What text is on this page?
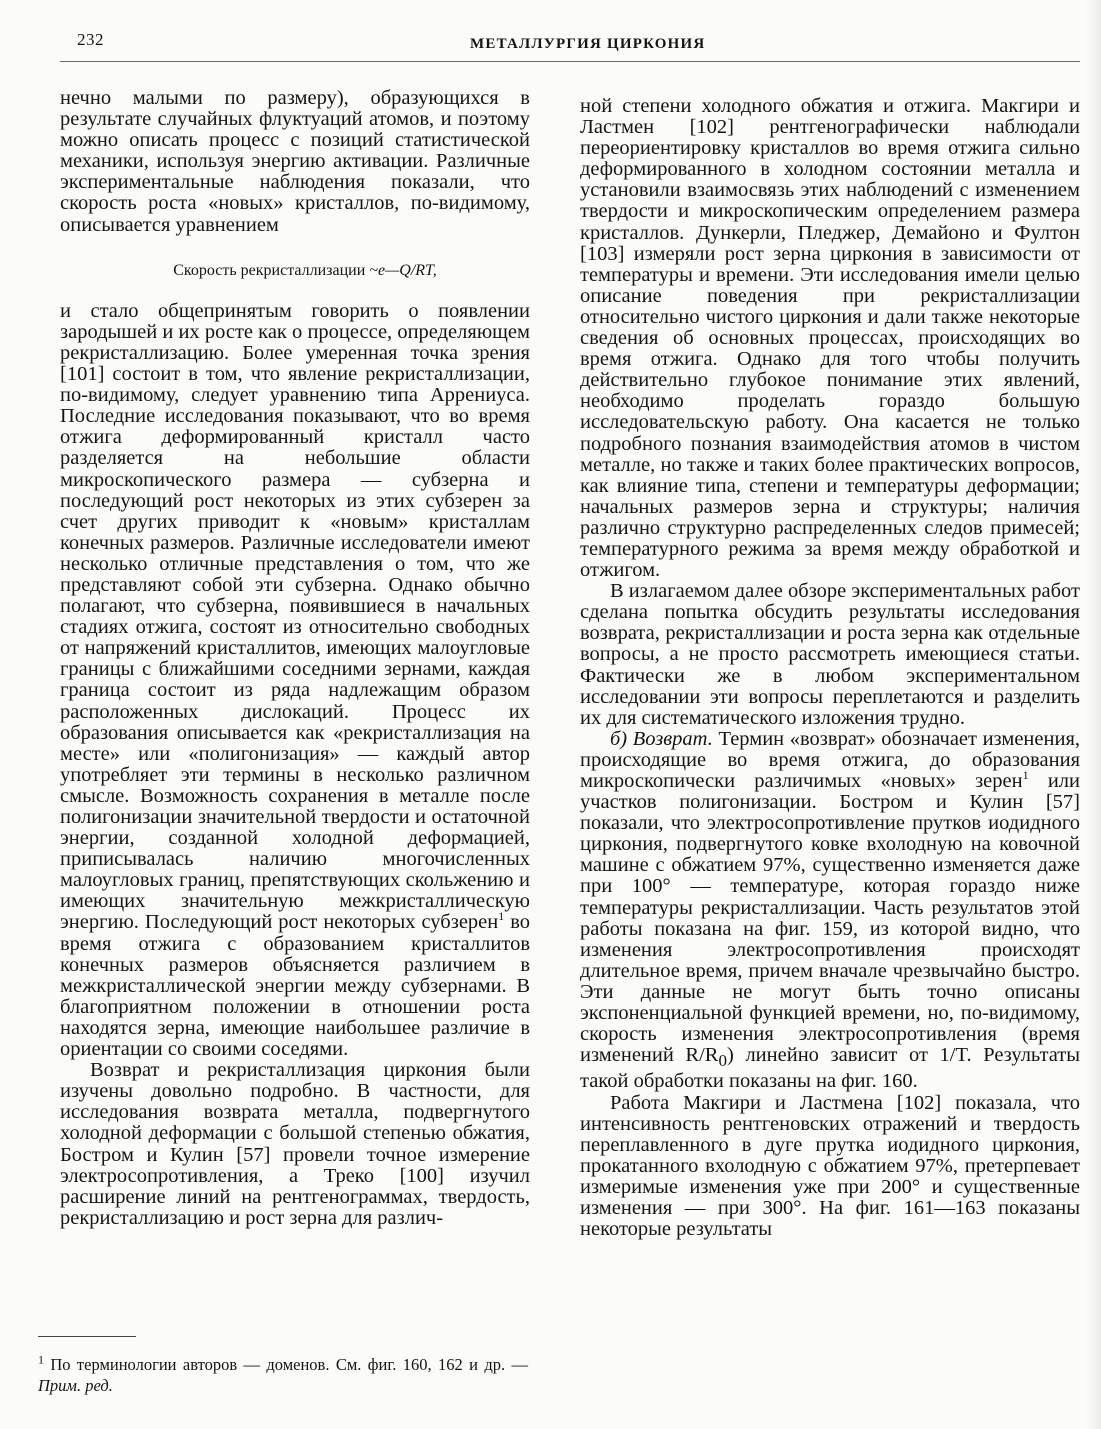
232	МЕТАЛЛУРГИЯ ЦИРКОНИЯ

нечно малыми по размеру), образующихся в результате случайных флуктуаций атомов, и поэтому можно описать процесс с позиций статистической механики, используя энергию активации. Различные экспериментальные наблюдения показали, что скорость роста «новых» кристаллов, по-видимому, описывается уравнением

Скорость рекристаллизации ~e—Q/RT,

и стало общепринятым говорить о появлении зародышей и их росте как о процессе, определяющем рекристаллизацию. Более умеренная точка зрения [101] состоит в том, что явление рекристаллизации, по-видимому, следует уравнению типа Аррениуса. Последние исследования показывают, что во время отжига деформированный кристалл часто разделяется на небольшие области микроскопического размера — субзерна и последующий рост некоторых из этих субзерен за счет других приводит к «новым» кристаллам конечных размеров. Различные исследователи имеют несколько отличные представления о том, что же представляют собой эти субзерна. Однако обычно полагают, что субзерна, появившиеся в начальных стадиях отжига, состоят из относительно свободных от напряжений кристаллитов, имеющих малоугловые границы с ближайшими соседними зернами, каждая граница состоит из ряда надлежащим образом расположенных дислокаций. Процесс их образования описывается как «рекристаллизация на месте» или «полигонизация» — каждый автор употребляет эти термины в несколько различном смысле. Возможность сохранения в металле после полигонизации значительной твердости и остаточной энергии, созданной холодной деформацией, приписывалась наличию многочисленных малоугловых границ, препятствующих скольжению и имеющих значительную межкристаллическую энергию. Последующий рост некоторых субзерен$^1$ во время отжига с образованием кристаллитов конечных размеров объясняется различием в межкристаллической энергии между субзернами. В благоприятном положении в отношении роста находятся зерна, имеющие наибольшее различие в ориентации со своими соседями.

Возврат и рекристаллизация циркония были изучены довольно подробно. В частности, для исследования возврата металла, подвергнутого холодной деформации с большой степенью обжатия, Бостром и Кулин [57] провели точное измерение электросопротивления, а Треко [100] изучил расширение линий на рентгенограммах, твердость, рекристаллизацию и рост зерна для различ-

$^1$ По терминологии авторов — доменов. См. фиг. 160, 162 и др. — Прим. ред.

ной степени холодного обжатия и отжига. Макгири и Ластмен [102] рентгенографически наблюдали переориентировку кристаллов во время отжига сильно деформированного в холодном состоянии металла и установили взаимосвязь этих наблюдений с изменением твердости и микроскопическим определением размера кристаллов. Дункерли, Пледжер, Демайоно и Фултон [103] измеряли рост зерна циркония в зависимости от температуры и времени. Эти исследования имели целью описание поведения при рекристаллизации относительно чистого циркония и дали также некоторые сведения об основных процессах, происходящих во время отжига. Однако для того чтобы получить действительно глубокое понимание этих явлений, необходимо проделать гораздо большую исследовательскую работу. Она касается не только подробного познания взаимодействия атомов в чистом металле, но также и таких более практических вопросов, как влияние типа, степени и температуры деформации; начальных размеров зерна и структуры; наличия различно структурно распределенных следов примесей; температурного режима за время между обработкой и отжигом.

В излагаемом далее обзоре экспериментальных работ сделана попытка обсудить результаты исследования возврата, рекристаллизации и роста зерна как отдельные вопросы, а не просто рассмотреть имеющиеся статьи. Фактически же в любом экспериментальном исследовании эти вопросы переплетаются и разделить их для систематического изложения трудно.

б) Возврат. Термин «возврат» обозначает изменения, происходящие во время отжига, до образования микроскопически различимых «новых» зерен$^1$ или участков полигонизации. Бостром и Кулин [57] показали, что электросопротивление прутков иодидного циркония, подвергнутого ковке вхолодную на ковочной машине с обжатием 97%, существенно изменяется даже при 100° — температуре, которая гораздо ниже температуры рекристаллизации. Часть результатов этой работы показана на фиг. 159, из которой видно, что изменения электросопротивления происходят длительное время, причем вначале чрезвычайно быстро. Эти данные не могут быть точно описаны экспоненциальной функцией времени, но, по-видимому, скорость изменения электросопротивления (время изменений $R/R_0$) линейно зависит от 1/T. Результаты такой обработки показаны на фиг. 160.

Работа Макгири и Ластмена [102] показала, что интенсивность рентгеновских отражений и твердость переплавленного в дуге прутка иодидного циркония, прокатанного вхолодную с обжатием 97%, претерпевает измеримые изменения уже при 200° и существенные изменения — при 300°. На фиг. 161—163 показаны некоторые результаты
